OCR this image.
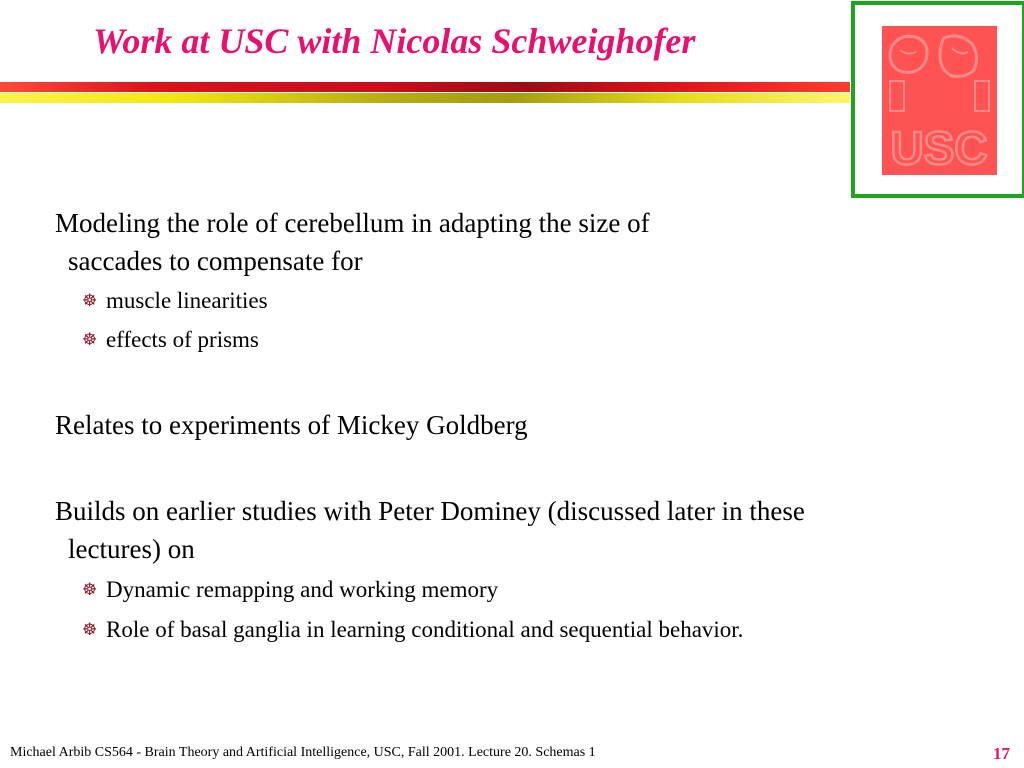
Work at USC with Nicolas Schweighofer
USC
Modeling the role of cerebellum in adapting the size of
saccades to compensate for
☸ muscle linearities
☸ effects of prisms
Relates to experiments of Mickey Goldberg
Builds on earlier studies with Peter Dominey (discussed later in these
lectures) on
☸ Dynamic remapping and working memory
☸ Role of basal ganglia in learning conditional and sequential behavior.
Michael Arbib CS564 - Brain Theory and Artificial Intelligence, USC, Fall 2001. Lecture 20. Schemas 1	17
